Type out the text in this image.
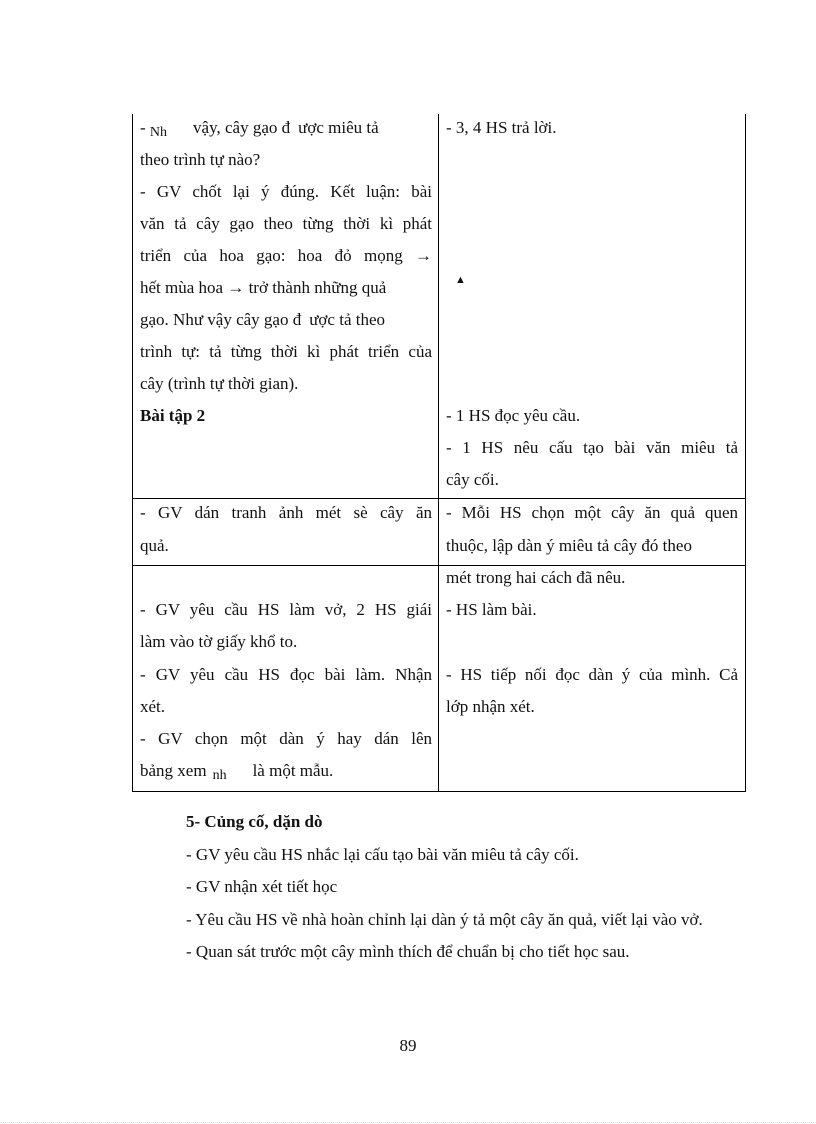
- Nh vậy, cây gạo đ ược miêu tả
theo trình tự nào?
- GV chốt lại ý đúng. Kết luận: bài
văn tả cây gạo theo từng thời kì phát
triển của hoa gạo: hoa đỏ mọng →
hết mùa hoa → trở thành những quả
gạo. Như vậy cây gạo đ ược tả theo
trình tự: tả từng thời kì phát triển của
cây (trình tự thời gian).
Bài tập 2
- 3, 4 HS trả lời.
▲
- 1 HS đọc yêu cầu.
- 1 HS nêu cấu tạo bài văn miêu tả
cây cối.
- GV dán tranh ảnh mét sè cây ăn
quả.
- Mỗi HS chọn một cây ăn quả quen
thuộc, lập dàn ý miêu tả cây đó theo
mét trong hai cách đã nêu.
- HS làm bài.
- HS tiếp nối đọc dàn ý của mình. Cả
lớp nhận xét.
- GV yêu cầu HS làm vở, 2 HS giái
làm vào tờ giấy khổ to.
- GV yêu cầu HS đọc bài làm. Nhận
xét.
- GV chọn một dàn ý hay dán lên
bảng xem nh là một mẫu.
5- Củng cố, dặn dò
- GV yêu cầu HS nhắc lại cấu tạo bài văn miêu tả cây cối.
- GV nhận xét tiết học
- Yêu cầu HS về nhà hoàn chỉnh lại dàn ý tả một cây ăn quả, viết lại vào vở.
- Quan sát trước một cây mình thích để chuẩn bị cho tiết học sau.
89
